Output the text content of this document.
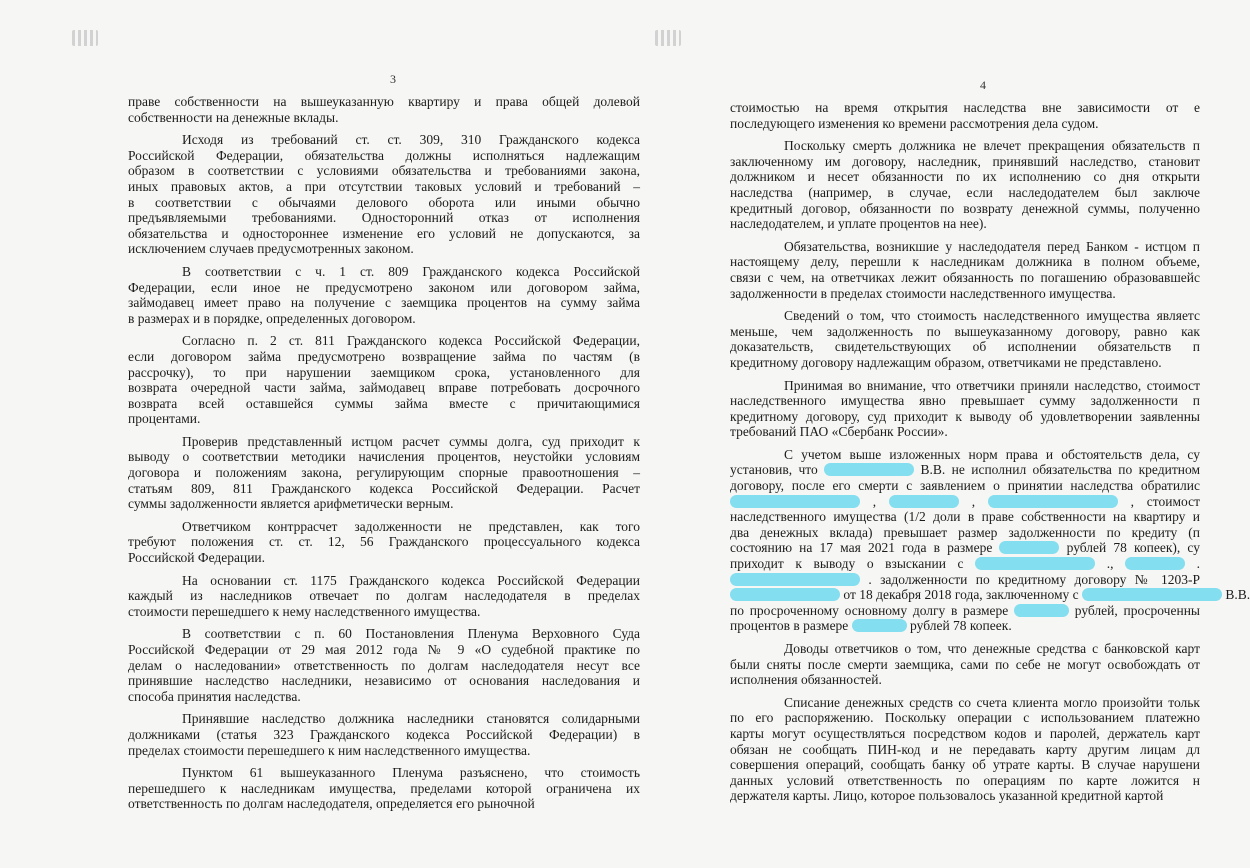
3
праве собственности на вышеуказанную квартиру и права общей долевой
собственности на денежные вклады.
Исходя из требований ст. ст. 309, 310 Гражданского кодекса
Российской Федерации, обязательства должны исполняться надлежащим
образом в соответствии с условиями обязательства и требованиями закона,
иных правовых актов, а при отсутствии таковых условий и требований –
в соответствии с обычаями делового оборота или иными обычно
предъявляемыми требованиями. Односторонний отказ от исполнения
обязательства и одностороннее изменение его условий не допускаются, за
исключением случаев предусмотренных законом.
В соответствии с ч. 1 ст. 809 Гражданского кодекса Российской
Федерации, если иное не предусмотрено законом или договором займа,
займодавец имеет право на получение с заемщика процентов на сумму займа
в размерах и в порядке, определенных договором.
Согласно п. 2 ст. 811 Гражданского кодекса Российской Федерации,
если договором займа предусмотрено возвращение займа по частям (в
рассрочку), то при нарушении заемщиком срока, установленного для
возврата очередной части займа, займодавец вправе потребовать досрочного
возврата всей оставшейся суммы займа вместе с причитающимися
процентами.
Проверив представленный истцом расчет суммы долга, суд приходит к
выводу о соответствии методики начисления процентов, неустойки условиям
договора и положениям закона, регулирующим спорные правоотношения –
статьям 809, 811 Гражданского кодекса Российской Федерации. Расчет
суммы задолженности является арифметически верным.
Ответчиком контррасчет задолженности не представлен, как того
требуют положения ст. ст. 12, 56 Гражданского процессуального кодекса
Российской Федерации.
На основании ст. 1175 Гражданского кодекса Российской Федерации
каждый из наследников отвечает по долгам наследодателя в пределах
стоимости перешедшего к нему наследственного имущества.
В соответствии с п. 60 Постановления Пленума Верховного Суда
Российской Федерации от 29 мая 2012 года № 9 «О судебной практике по
делам о наследовании» ответственность по долгам наследодателя несут все
принявшие наследство наследники, независимо от основания наследования и
способа принятия наследства.
Принявшие наследство должника наследники становятся солидарными
должниками (статья 323 Гражданского кодекса Российской Федерации) в
пределах стоимости перешедшего к ним наследственного имущества.
Пунктом 61 вышеуказанного Пленума разъяснено, что стоимость
перешедшего к наследникам имущества, пределами которой ограничена их
ответственность по долгам наследодателя, определяется его рыночной
4
стоимостью на время открытия наследства вне зависимости от е
последующего изменения ко времени рассмотрения дела судом.
Поскольку смерть должника не влечет прекращения обязательств п
заключенному им договору, наследник, принявший наследство, становит
должником и несет обязанности по их исполнению со дня открыти
наследства (например, в случае, если наследодателем был заключе
кредитный договор, обязанности по возврату денежной суммы, полученно
наследодателем, и уплате процентов на нее).
Обязательства, возникшие у наследодателя перед Банком - истцом п
настоящему делу, перешли к наследникам должника в полном объеме,
связи с чем, на ответчиках лежит обязанность по погашению образовавшейс
задолженности в пределах стоимости наследственного имущества.
Сведений о том, что стоимость наследственного имущества являетс
меньше, чем задолженность по вышеуказанному договору, равно как
доказательств, свидетельствующих об исполнении обязательств п
кредитному договору надлежащим образом, ответчиками не представлено.
Принимая во внимание, что ответчики приняли наследство, стоимост
наследственного имущества явно превышает сумму задолженности п
кредитному договору, суд приходит к выводу об удовлетворении заявленны
требований ПАО «Сбербанк России».
С учетом выше изложенных норм права и обстоятельств дела, су
установив, что	В.В. не исполнил обязательства по кредитном
договору, после его смерти с заявлением о принятии наследства обратилис
,	,	, стоимост
наследственного имущества (1/2 доли в праве собственности на квартиру и
два денежных вклада) превышает размер задолженности по кредиту (п
состоянию на 17 мая 2021 года в размере	рублей 78 копеек), су
приходит к выводу о взыскании с	.,	.
. задолженности по кредитному договору № 1203-Р
от 18 декабря 2018 года, заключенному с	В.В.
по просроченному основному долгу в размере	рублей, просроченны
процентов в размере	рублей 78 копеек.
Доводы ответчиков о том, что денежные средства с банковской карт
были сняты после смерти заемщика, сами по себе не могут освобождать от
исполнения обязанностей.
Списание денежных средств со счета клиента могло произойти тольк
по его распоряжению. Поскольку операции с использованием платежно
карты могут осуществляться посредством кодов и паролей, держатель карт
обязан не сообщать ПИН-код и не передавать карту другим лицам дл
совершения операций, сообщать банку об утрате карты. В случае нарушени
данных условий ответственность по операциям по карте ложится н
держателя карты. Лицо, которое пользовалось указанной кредитной картой
